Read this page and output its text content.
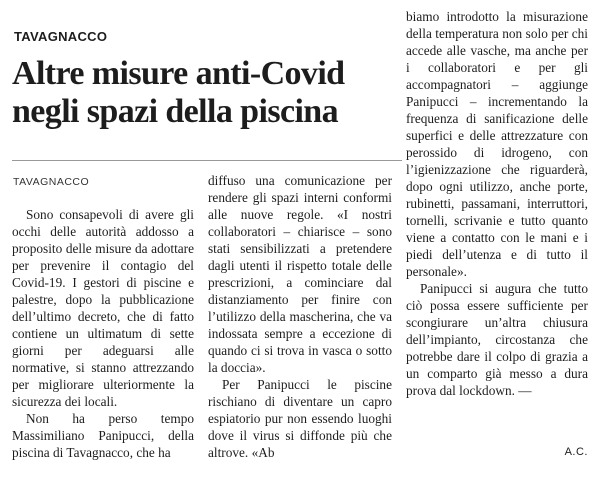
TAVAGNACCO
Altre misure anti-Covid negli spazi della piscina
TAVAGNACCO

Sono consapevoli di avere gli occhi delle autorità addosso a proposito delle misure da adottare per prevenire il contagio del Covid-19. I gestori di piscine e palestre, dopo la pubblicazione dell’ultimo decreto, che di fatto contiene un ultimatum di sette giorni per adeguarsi alle normative, si stanno attrezzando per migliorare ulteriormente la sicurezza dei locali.

Non ha perso tempo Massimiliano Panipucci, della piscina di Tavagnacco, che ha

diffuso una comunicazione per rendere gli spazi interni conformi alle nuove regole. «I nostri collaboratori – chiarisce – sono stati sensibilizzati a pretendere dagli utenti il rispetto totale delle prescrizioni, a cominciare dal distanziamento per finire con l’utilizzo della mascherina, che va indossata sempre a eccezione di quando ci si trova in vasca o sotto la doccia».

Per Panipucci le piscine rischiano di diventare un capro espiatorio pur non essendo luoghi dove il virus si diffonde più che altrove. «Ab

biamo introdotto la misurazione della temperatura non solo per chi accede alle vasche, ma anche per i collaboratori e per gli accompagnatori – aggiunge Panipucci – incrementando la frequenza di sanificazione delle superfici e delle attrezzature con perossido di idrogeno, con l’igienizzazione che riguarderà, dopo ogni utilizzo, anche porte, rubinetti, passamani, interruttori, tornelli, scrivanie e tutto quanto viene a contatto con le mani e i piedi dell’utenza e di tutto il personale».

Panipucci si augura che tutto ciò possa essere sufficiente per scongiurare un’altra chiusura dell’impianto, circostanza che potrebbe dare il colpo di grazia a un comparto già messo a dura prova dal lockdown. —

A.C.
